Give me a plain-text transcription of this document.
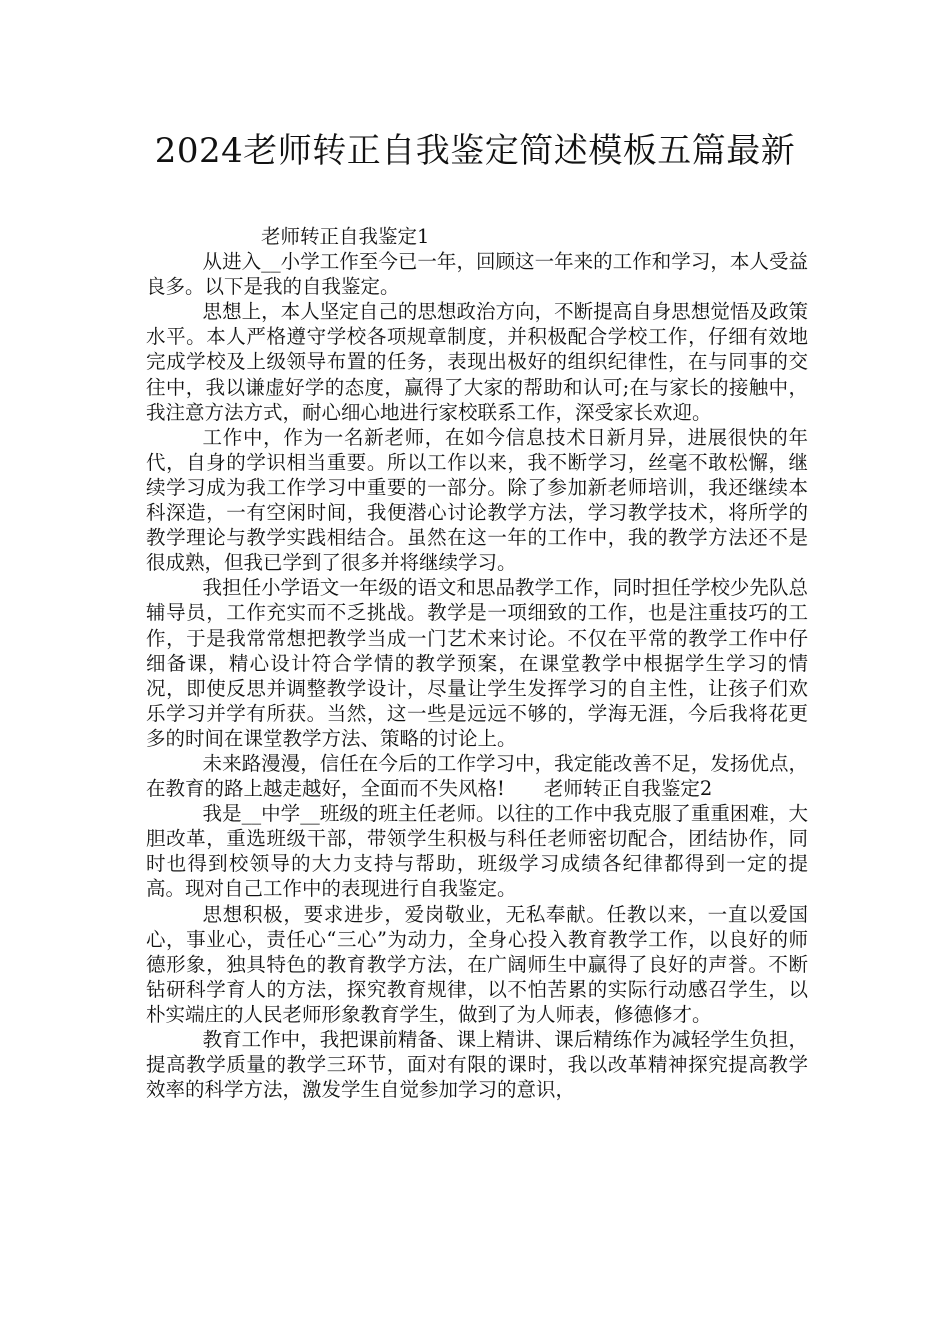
2024老师转正自我鉴定简述模板五篇最新

老师转正自我鉴定1

从进入__小学工作至今已一年，回顾这一年来的工作和学习，本人受益良多。以下是我的自我鉴定。

思想上，本人坚定自己的思想政治方向，不断提高自身思想觉悟及政策水平。本人严格遵守学校各项规章制度，并积极配合学校工作，仔细有效地完成学校及上级领导布置的任务，表现出极好的组织纪律性，在与同事的交往中，我以谦虚好学的态度，赢得了大家的帮助和认可;在与家长的接触中，我注意方法方式，耐心细心地进行家校联系工作，深受家长欢迎。

工作中，作为一名新老师，在如今信息技术日新月异，进展很快的年代，自身的学识相当重要。所以工作以来，我不断学习，丝毫不敢松懈，继续学习成为我工作学习中重要的一部分。除了参加新老师培训，我还继续本科深造，一有空闲时间，我便潜心讨论教学方法，学习教学技术，将所学的教学理论与教学实践相结合。虽然在这一年的工作中，我的教学方法还不是很成熟，但我已学到了很多并将继续学习。

我担任小学语文一年级的语文和思品教学工作，同时担任学校少先队总辅导员，工作充实而不乏挑战。教学是一项细致的工作，也是注重技巧的工作，于是我常常想把教学当成一门艺术来讨论。不仅在平常的教学工作中仔细备课，精心设计符合学情的教学预案，在课堂教学中根据学生学习的情况，即使反思并调整教学设计，尽量让学生发挥学习的自主性，让孩子们欢乐学习并学有所获。当然，这一些是远远不够的，学海无涯，今后我将花更多的时间在课堂教学方法、策略的讨论上。

未来路漫漫，信任在今后的工作学习中，我定能改善不足，发扬优点，在教育的路上越走越好，全面而不失风格!　　老师转正自我鉴定2

我是__中学__班级的班主任老师。以往的工作中我克服了重重困难，大胆改革，重选班级干部，带领学生积极与科任老师密切配合，团结协作，同时也得到校领导的大力支持与帮助，班级学习成绩各纪律都得到一定的提高。现对自己工作中的表现进行自我鉴定。

思想积极，要求进步，爱岗敬业，无私奉献。任教以来，一直以爱国心，事业心，责任心“三心”为动力，全身心投入教育教学工作，以良好的师德形象，独具特色的教育教学方法，在广阔师生中赢得了良好的声誉。不断钻研科学育人的方法，探究教育规律，以不怕苦累的实际行动感召学生，以朴实端庄的人民老师形象教育学生，做到了为人师表，修德修才。

教育工作中，我把课前精备、课上精讲、课后精练作为减轻学生负担，提高教学质量的教学三环节，面对有限的课时，我以改革精神探究提高教学效率的科学方法，激发学生自觉参加学习的意识，
